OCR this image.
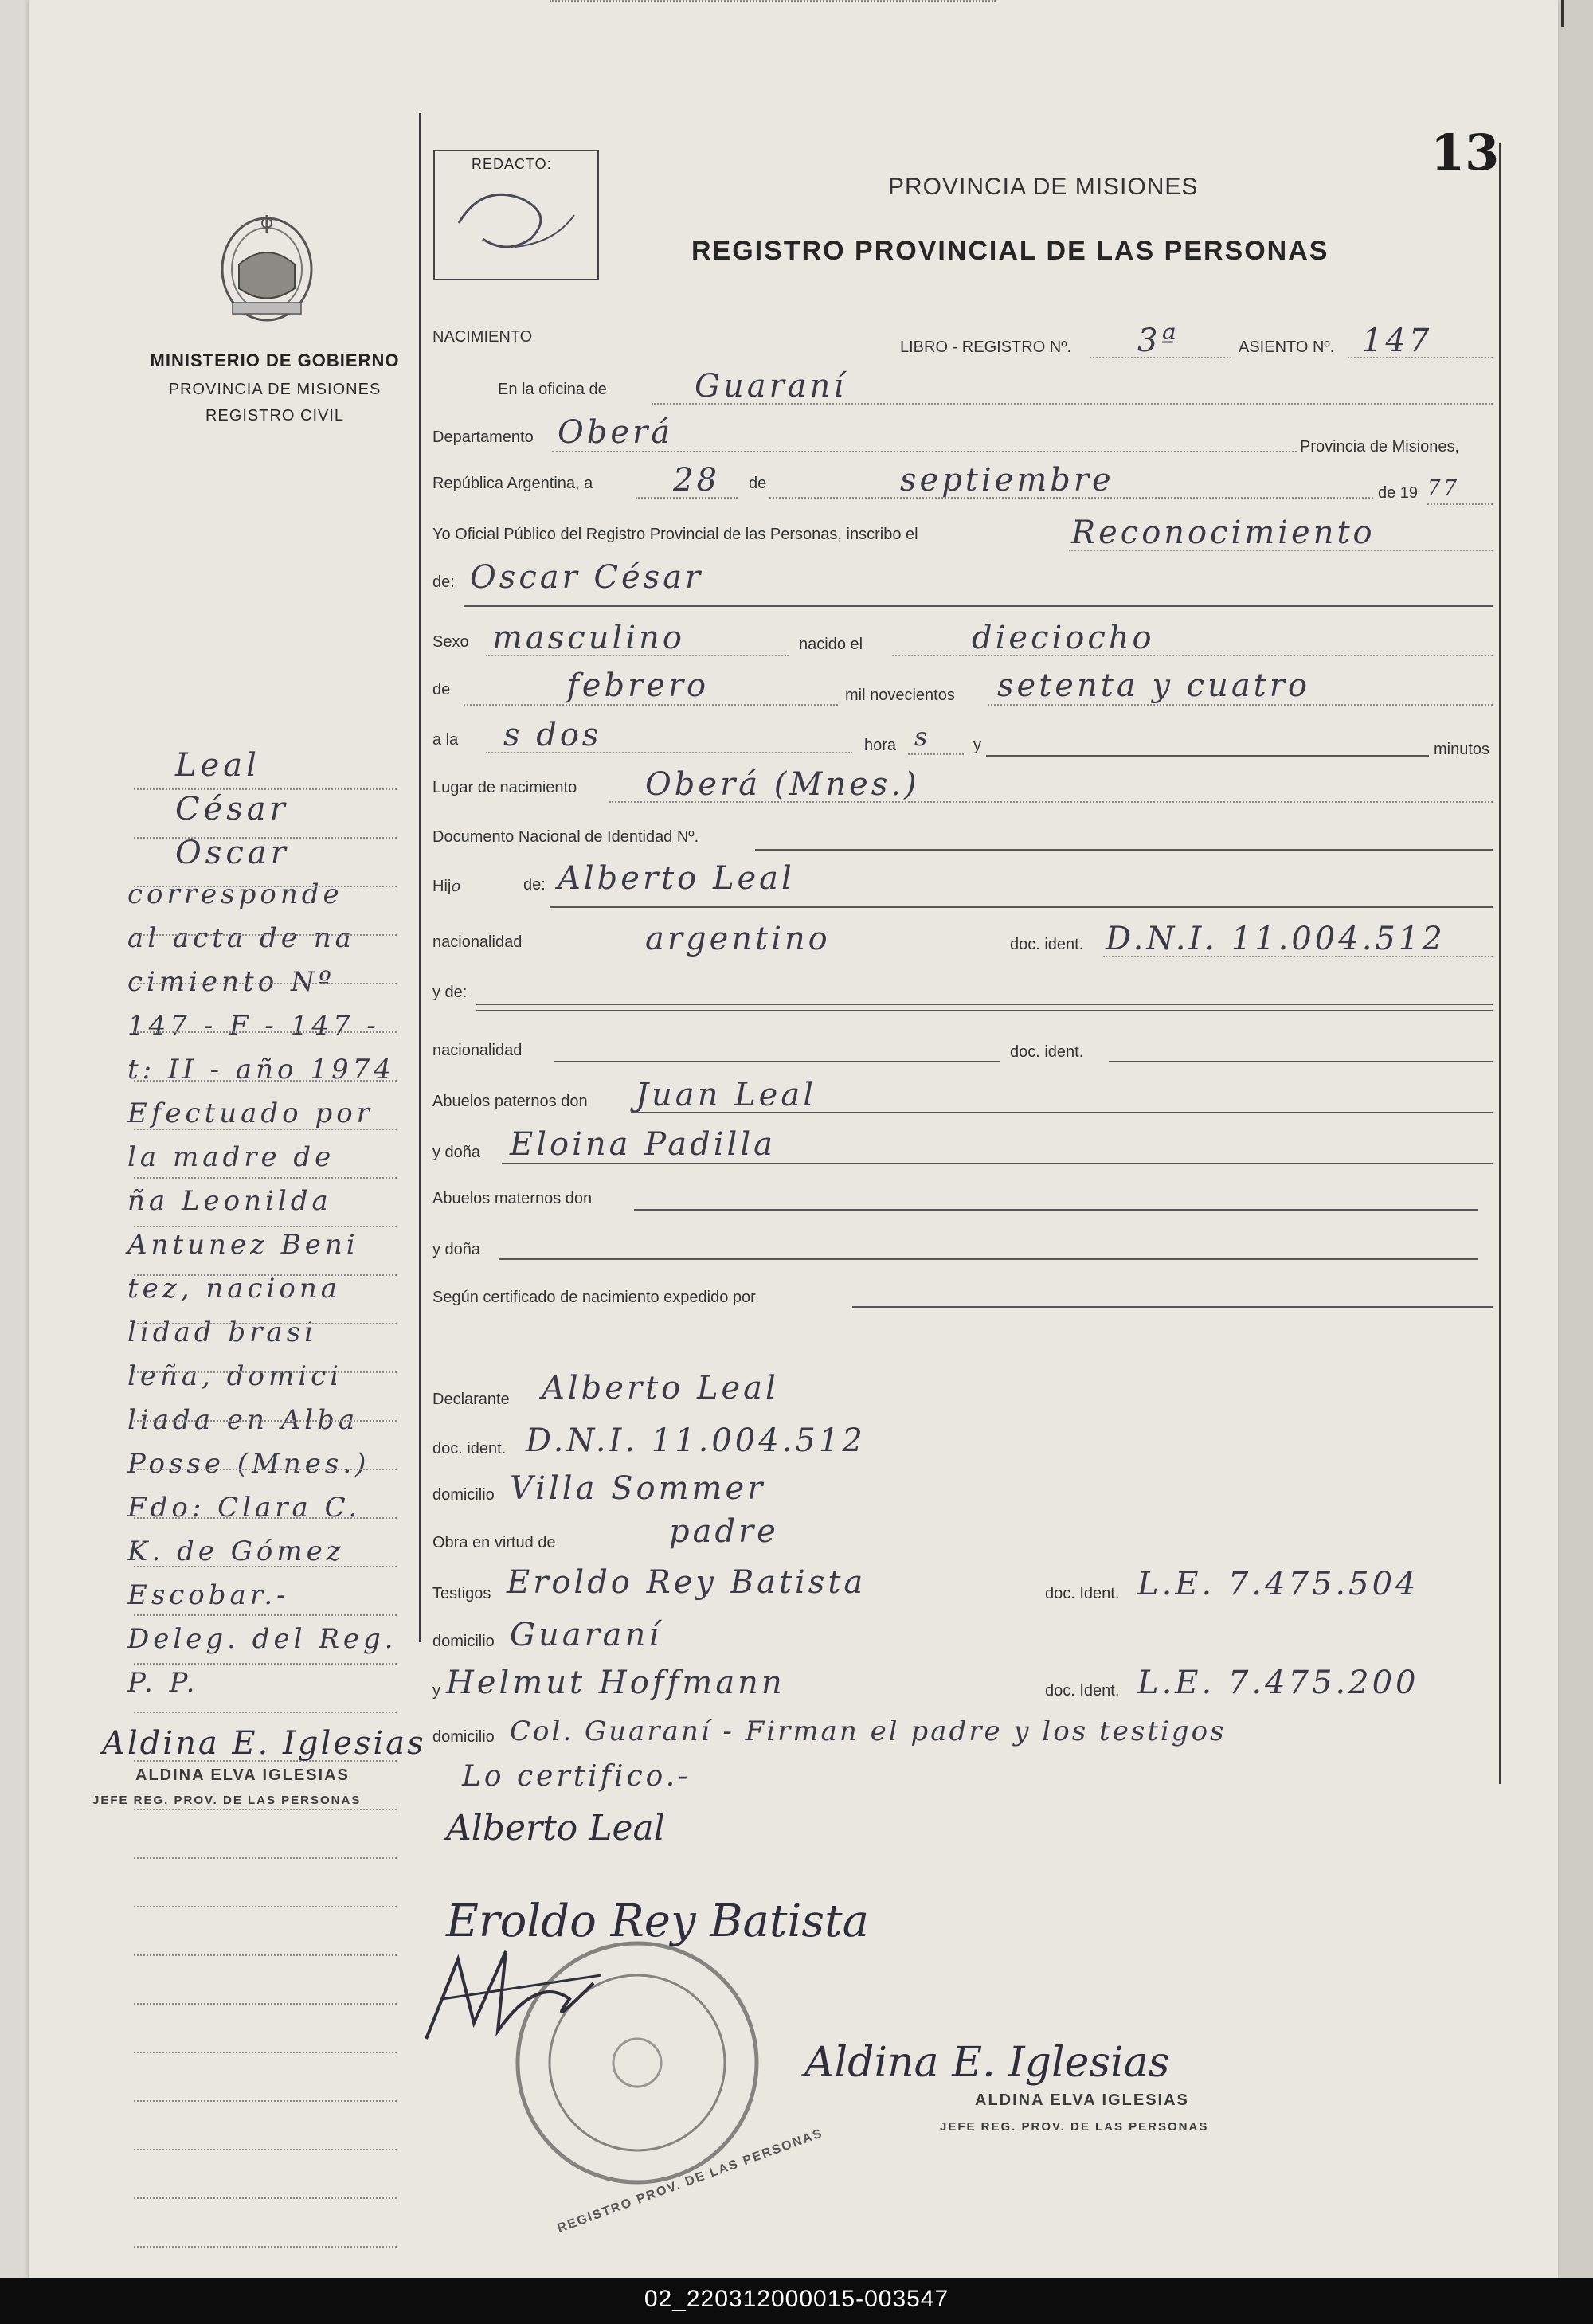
13
MINISTERIO DE GOBIERNO
PROVINCIA DE MISIONES
REGISTRO CIVIL
REDACTO:
PROVINCIA DE MISIONES
REGISTRO PROVINCIAL DE LAS PERSONAS
NACIMIENTO
LIBRO - REGISTRO Nº. 3ª	ASIENTO Nº. 147
En la oficina de	Guaraní
Departamento Oberá	Provincia de Misiones,
República Argentina, a	28 de	septiembre	de 19 77
Yo Oficial Público del Registro Provincial de las Personas, inscribo el	Reconocimiento
de: Oscar César
Sexo masculino	nacido el	dieciocho
de	febrero	mil novecientos setenta y cuatro
a la s dos	hora s	y	minutos
Lugar de nacimiento Oberá (Mnes.)
Documento Nacional de Identidad Nº.
Hijo	de: Alberto Leal
nacionalidad	argentino	doc. ident. D.N.I. 11.004.512
y de:
nacionalidad	doc. ident.
Abuelos paternos don Juan Leal
y doña Eloina Padilla
Abuelos maternos don
y doña
Según certificado de nacimiento expedido por
Declarante Alberto Leal
doc. ident. D.N.I. 11.004.512
domicilio Villa Sommer
Obra en virtud de	padre
Testigos Eroldo Rey Batista	doc. Ident. L.E. 7.475.504
domicilio Guaraní
y Helmut Hoffmann	doc. Ident. L.E. 7.475.200
domicilio Col. Guaraní - Firman el padre y los testigos
Lo certifico.-
Leal
César
Oscar
corresponde
al acta de na
cimiento Nº
147 - F - 147 -
t: II - año 1974
Efectuado por
la madre de
ña Leonilda
Antunez Beni
tez, naciona
lidad brasi
leña, domici
liada en Alba
Posse (Mnes.)
Fdo: Clara C.
K. de Gómez
Escobar.-
Deleg. del Reg.
P. P.
Aldina E. Iglesias
ALDINA ELVA IGLESIAS
JEFE REG. PROV. DE LAS PERSONAS
Alberto Leal
Eroldo Rey Batista
REGISTRO PROV. DE LAS PERSONAS
Aldina E. Iglesias
ALDINA ELVA IGLESIAS
JEFE REG. PROV. DE LAS PERSONAS
02_220312000015-003547
